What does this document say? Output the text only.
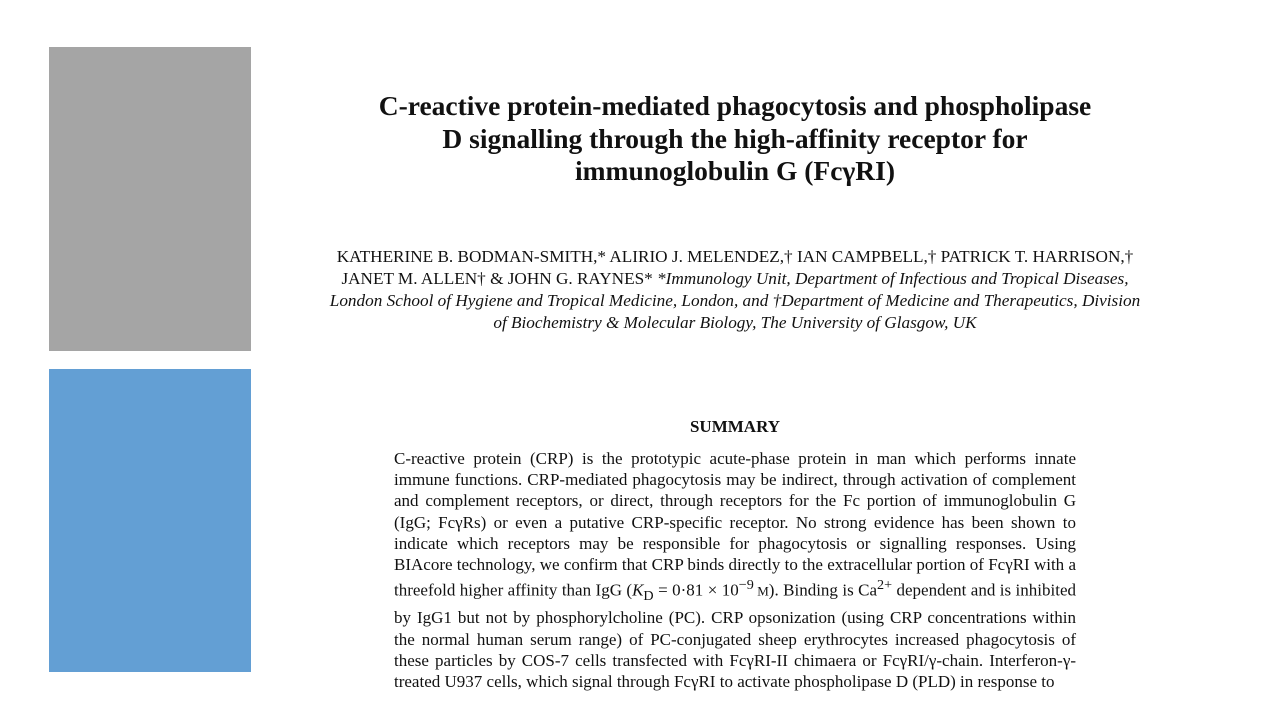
C-reactive protein-mediated phagocytosis and phospholipase D signalling through the high-affinity receptor for immunoglobulin G (FcγRI)

KATHERINE B. BODMAN-SMITH,* ALIRIO J. MELENDEZ,† IAN CAMPBELL,† PATRICK T. HARRISON,† JANET M. ALLEN† & JOHN G. RAYNES* *Immunology Unit, Department of Infectious and Tropical Diseases, London School of Hygiene and Tropical Medicine, London, and †Department of Medicine and Therapeutics, Division of Biochemistry & Molecular Biology, The University of Glasgow, UK

SUMMARY

C-reactive protein (CRP) is the prototypic acute-phase protein in man which performs innate immune functions. CRP-mediated phagocytosis may be indirect, through activation of complement and complement receptors, or direct, through receptors for the Fc portion of immunoglobulin G (IgG; FcγRs) or even a putative CRP-specific receptor. No strong evidence has been shown to indicate which receptors may be responsible for phagocytosis or signalling responses. Using BIAcore technology, we confirm that CRP binds directly to the extracellular portion of FcγRI with a threefold higher affinity than IgG ($K_D = 0\cdot 81 \times 10^{-9}$ M). Binding is $Ca^{2+}$ dependent and is inhibited by IgG1 but not by phosphorylcholine (PC). CRP opsonization (using CRP concentrations within the normal human serum range) of PC-conjugated sheep erythrocytes increased phagocytosis of these particles by COS-7 cells transfected with FcγRI-II chimaera or FcγRI/γ-chain. Interferon-γ-treated U937 cells, which signal through FcγRI to activate phospholipase D (PLD) in response to
